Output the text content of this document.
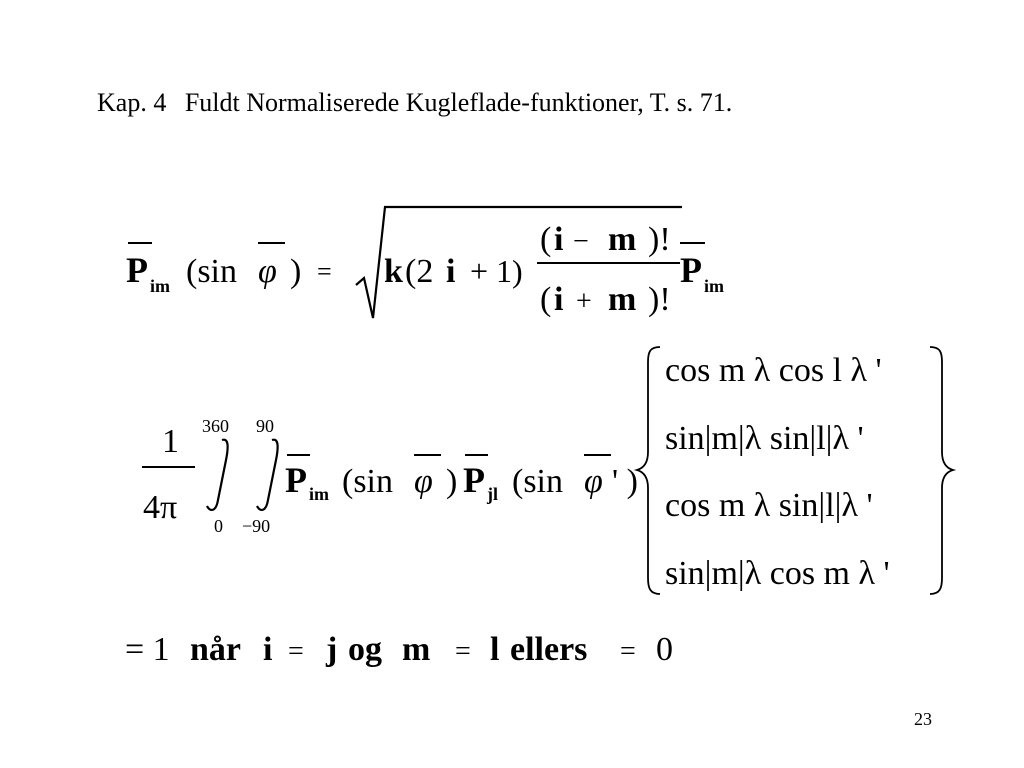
Kap. 4 Fuldt Normaliserede Kugleflade-funktioner, T. s. 71.
P im (sin φ ) = k (2 i + 1)
( i − m )!
( i + m )!
P im
1
4π
360
0
90
−90
P im (sin φ ) P jl (sin φ ' )
cos m λ cos l λ '
sin|m|λ sin|l|λ '
cos m λ sin|l|λ '
sin|m|λ cos m λ '
= 1 når i = j og m = l ellers = 0
23
